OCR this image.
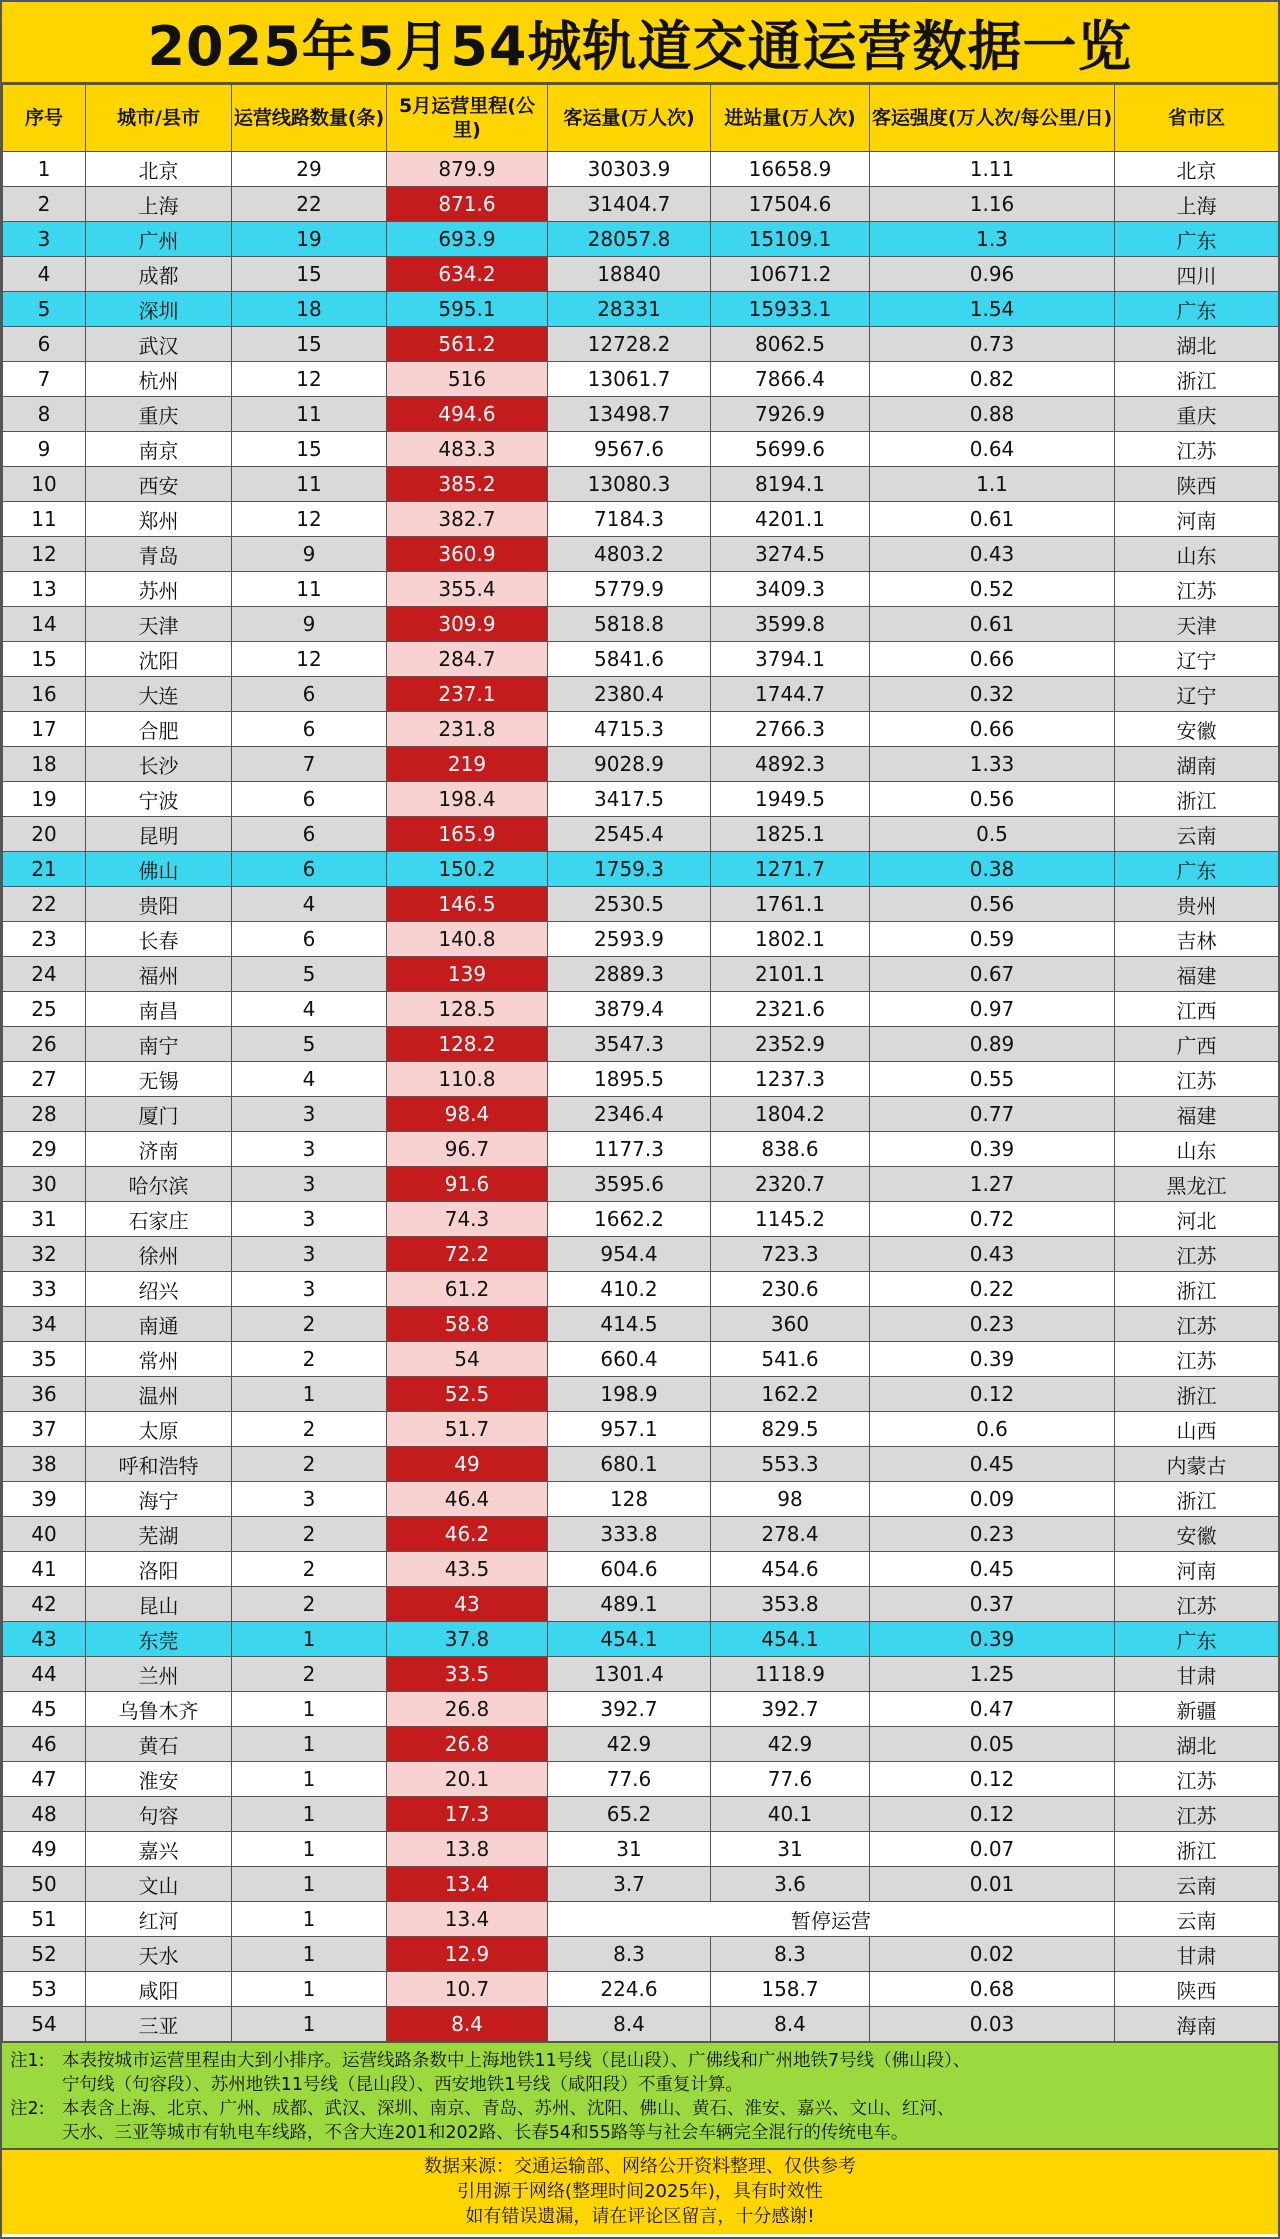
2025年5月54城轨道交通运营数据一览
序号	城市/县市	运营线路数量(条)	5月运营里程(公里)	客运量(万人次)	进站量(万人次)	客运强度(万人次/每公里/日)	省市区
1	北京	29	879.9	30303.9	16658.9	1.11	北京
2	上海	22	871.6	31404.7	17504.6	1.16	上海
3	广州	19	693.9	28057.8	15109.1	1.3	广东
4	成都	15	634.2	18840	10671.2	0.96	四川
5	深圳	18	595.1	28331	15933.1	1.54	广东
6	武汉	15	561.2	12728.2	8062.5	0.73	湖北
7	杭州	12	516	13061.7	7866.4	0.82	浙江
8	重庆	11	494.6	13498.7	7926.9	0.88	重庆
9	南京	15	483.3	9567.6	5699.6	0.64	江苏
10	西安	11	385.2	13080.3	8194.1	1.1	陕西
11	郑州	12	382.7	7184.3	4201.1	0.61	河南
12	青岛	9	360.9	4803.2	3274.5	0.43	山东
13	苏州	11	355.4	5779.9	3409.3	0.52	江苏
14	天津	9	309.9	5818.8	3599.8	0.61	天津
15	沈阳	12	284.7	5841.6	3794.1	0.66	辽宁
16	大连	6	237.1	2380.4	1744.7	0.32	辽宁
17	合肥	6	231.8	4715.3	2766.3	0.66	安徽
18	长沙	7	219	9028.9	4892.3	1.33	湖南
19	宁波	6	198.4	3417.5	1949.5	0.56	浙江
20	昆明	6	165.9	2545.4	1825.1	0.5	云南
21	佛山	6	150.2	1759.3	1271.7	0.38	广东
22	贵阳	4	146.5	2530.5	1761.1	0.56	贵州
23	长春	6	140.8	2593.9	1802.1	0.59	吉林
24	福州	5	139	2889.3	2101.1	0.67	福建
25	南昌	4	128.5	3879.4	2321.6	0.97	江西
26	南宁	5	128.2	3547.3	2352.9	0.89	广西
27	无锡	4	110.8	1895.5	1237.3	0.55	江苏
28	厦门	3	98.4	2346.4	1804.2	0.77	福建
29	济南	3	96.7	1177.3	838.6	0.39	山东
30	哈尔滨	3	91.6	3595.6	2320.7	1.27	黑龙江
31	石家庄	3	74.3	1662.2	1145.2	0.72	河北
32	徐州	3	72.2	954.4	723.3	0.43	江苏
33	绍兴	3	61.2	410.2	230.6	0.22	浙江
34	南通	2	58.8	414.5	360	0.23	江苏
35	常州	2	54	660.4	541.6	0.39	江苏
36	温州	1	52.5	198.9	162.2	0.12	浙江
37	太原	2	51.7	957.1	829.5	0.6	山西
38	呼和浩特	2	49	680.1	553.3	0.45	内蒙古
39	海宁	3	46.4	128	98	0.09	浙江
40	芜湖	2	46.2	333.8	278.4	0.23	安徽
41	洛阳	2	43.5	604.6	454.6	0.45	河南
42	昆山	2	43	489.1	353.8	0.37	江苏
43	东莞	1	37.8	454.1	454.1	0.39	广东
44	兰州	2	33.5	1301.4	1118.9	1.25	甘肃
45	乌鲁木齐	1	26.8	392.7	392.7	0.47	新疆
46	黄石	1	26.8	42.9	42.9	0.05	湖北
47	淮安	1	20.1	77.6	77.6	0.12	江苏
48	句容	1	17.3	65.2	40.1	0.12	江苏
49	嘉兴	1	13.8	31	31	0.07	浙江
50	文山	1	13.4	3.7	3.6	0.01	云南
51	红河	1	13.4	暂停运营			云南
52	天水	1	12.9	8.3	8.3	0.02	甘肃
53	咸阳	1	10.7	224.6	158.7	0.68	陕西
54	三亚	1	8.4	8.4	8.4	0.03	海南
注1: 本表按城市运营里程由大到小排序。运营线路条数中上海地铁11号线（昆山段）、广佛线和广州地铁7号线（佛山段）、
宁句线（句容段）、苏州地铁11号线（昆山段）、西安地铁1号线（咸阳段）不重复计算。
注2: 本表含上海、北京、广州、成都、武汉、深圳、南京、青岛、苏州、沈阳、佛山、黄石、淮安、嘉兴、文山、红河、
天水、三亚等城市有轨电车线路，不含大连201和202路、长春54和55路等与社会车辆完全混行的传统电车。
数据来源：交通运输部、网络公开资料整理、仅供参考
引用源于网络(整理时间2025年)，具有时效性
如有错误遗漏，请在评论区留言，十分感谢!
